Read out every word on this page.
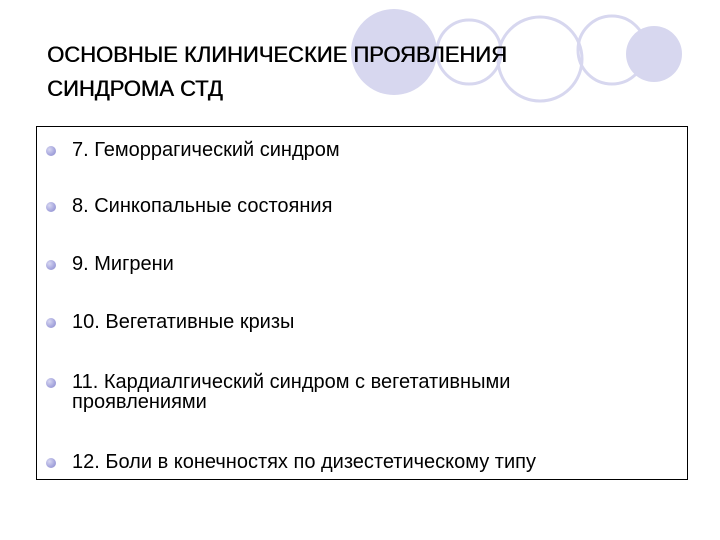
ОСНОВНЫЕ КЛИНИЧЕСКИЕ ПРОЯВЛЕНИЯ
СИНДРОМА СТД
7. Геморрагический синдром
8. Синкопальные состояния
9. Мигрени
10. Вегетативные кризы
11. Кардиалгический синдром с вегетативными
проявлениями
12. Боли в конечностях по дизестетическому типу
